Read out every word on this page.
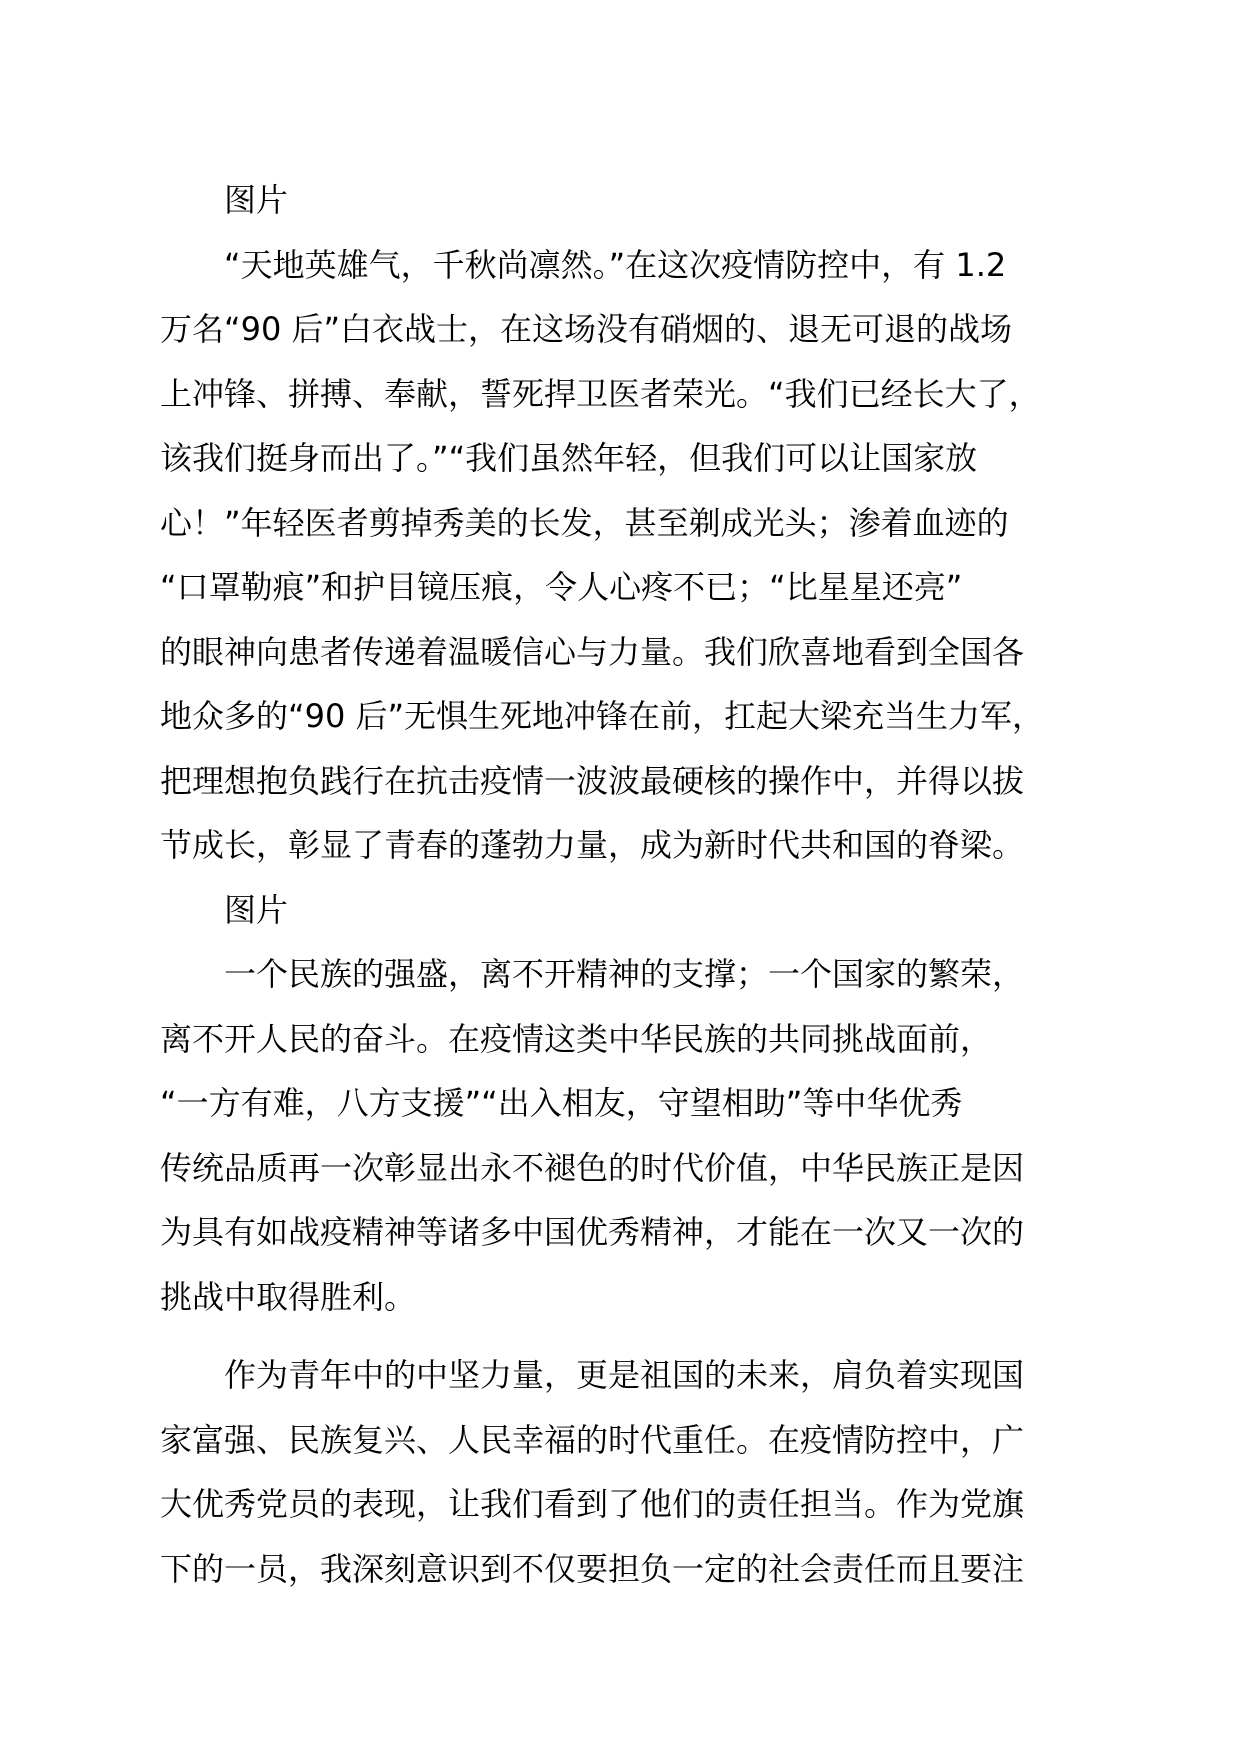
图片
“天地英雄气，千秋尚凛然。”在这次疫情防控中，有 1.2
万名“90 后”白衣战士，在这场没有硝烟的、退无可退的战场
上冲锋、拼搏、奉献，誓死捍卫医者荣光。“我们已经长大了，
该我们挺身而出了。”“我们虽然年轻，但我们可以让国家放
心！”年轻医者剪掉秀美的长发，甚至剃成光头；渗着血迹的
“口罩勒痕”和护目镜压痕，令人心疼不已；“比星星还亮”
的眼神向患者传递着温暖信心与力量。我们欣喜地看到全国各
地众多的“90 后”无惧生死地冲锋在前，扛起大梁充当生力军，
把理想抱负践行在抗击疫情一波波最硬核的操作中，并得以拔
节成长，彰显了青春的蓬勃力量，成为新时代共和国的脊梁。
图片
一个民族的强盛，离不开精神的支撑；一个国家的繁荣，
离不开人民的奋斗。在疫情这类中华民族的共同挑战面前，
“一方有难，八方支援”“出入相友，守望相助”等中华优秀
传统品质再一次彰显出永不褪色的时代价值，中华民族正是因
为具有如战疫精神等诸多中国优秀精神，才能在一次又一次的
挑战中取得胜利。
作为青年中的中坚力量，更是祖国的未来，肩负着实现国
家富强、民族复兴、人民幸福的时代重任。在疫情防控中，广
大优秀党员的表现，让我们看到了他们的责任担当。作为党旗
下的一员，我深刻意识到不仅要担负一定的社会责任而且要注
